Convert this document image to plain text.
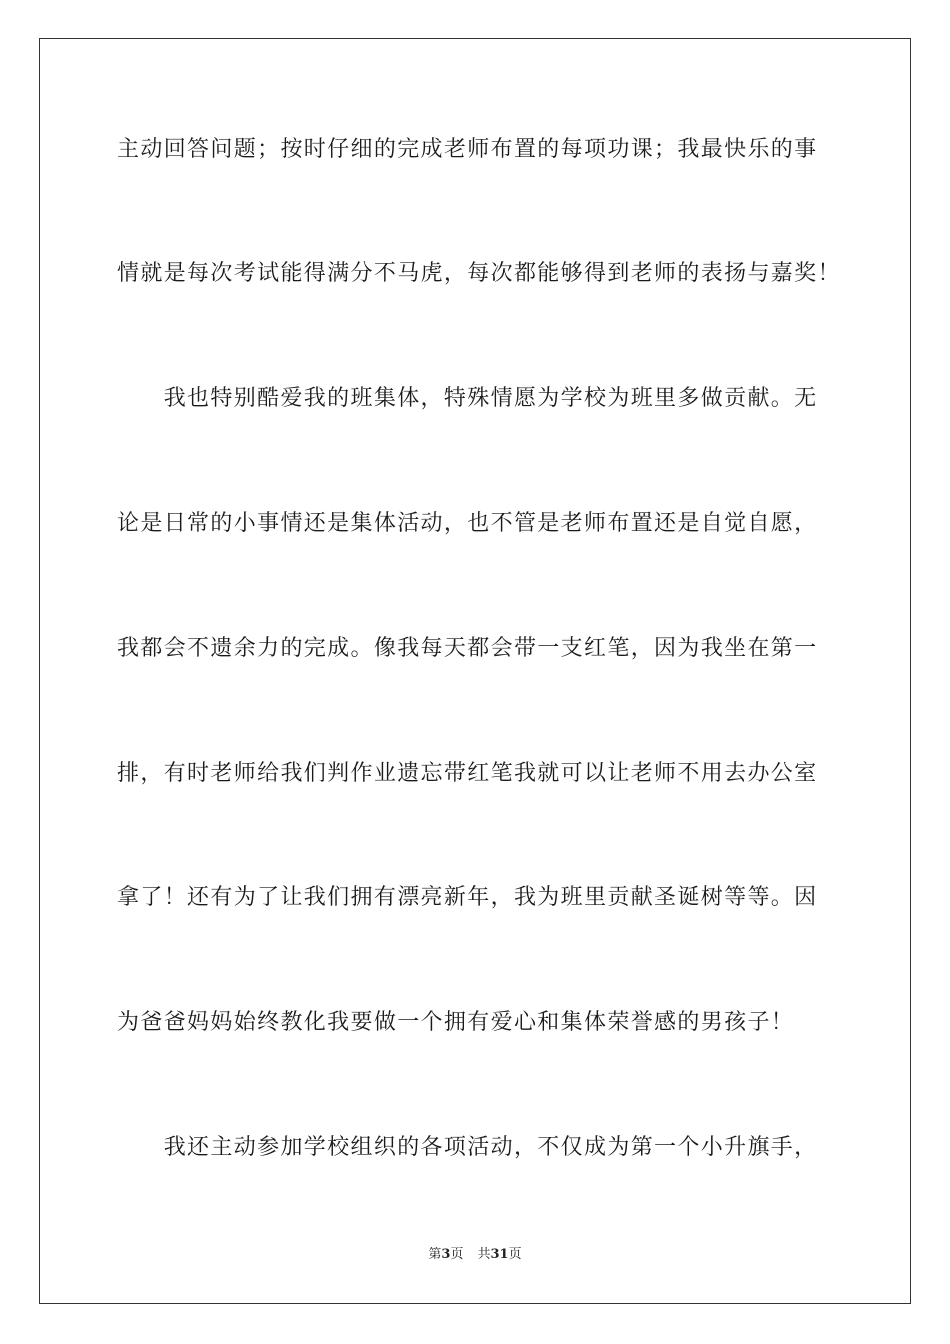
主动回答问题；按时仔细的完成老师布置的每项功课；我最快乐的事
情就是每次考试能得满分不马虎，每次都能够得到老师的表扬与嘉奖！
　　我也特别酷爱我的班集体，特殊情愿为学校为班里多做贡献。无
论是日常的小事情还是集体活动，也不管是老师布置还是自觉自愿，
我都会不遗余力的完成。像我每天都会带一支红笔，因为我坐在第一
排，有时老师给我们判作业遗忘带红笔我就可以让老师不用去办公室
拿了！还有为了让我们拥有漂亮新年，我为班里贡献圣诞树等等。因
为爸爸妈妈始终教化我要做一个拥有爱心和集体荣誉感的男孩子！
　　我还主动参加学校组织的各项活动，不仅成为第一个小升旗手，
第3页 共31页
